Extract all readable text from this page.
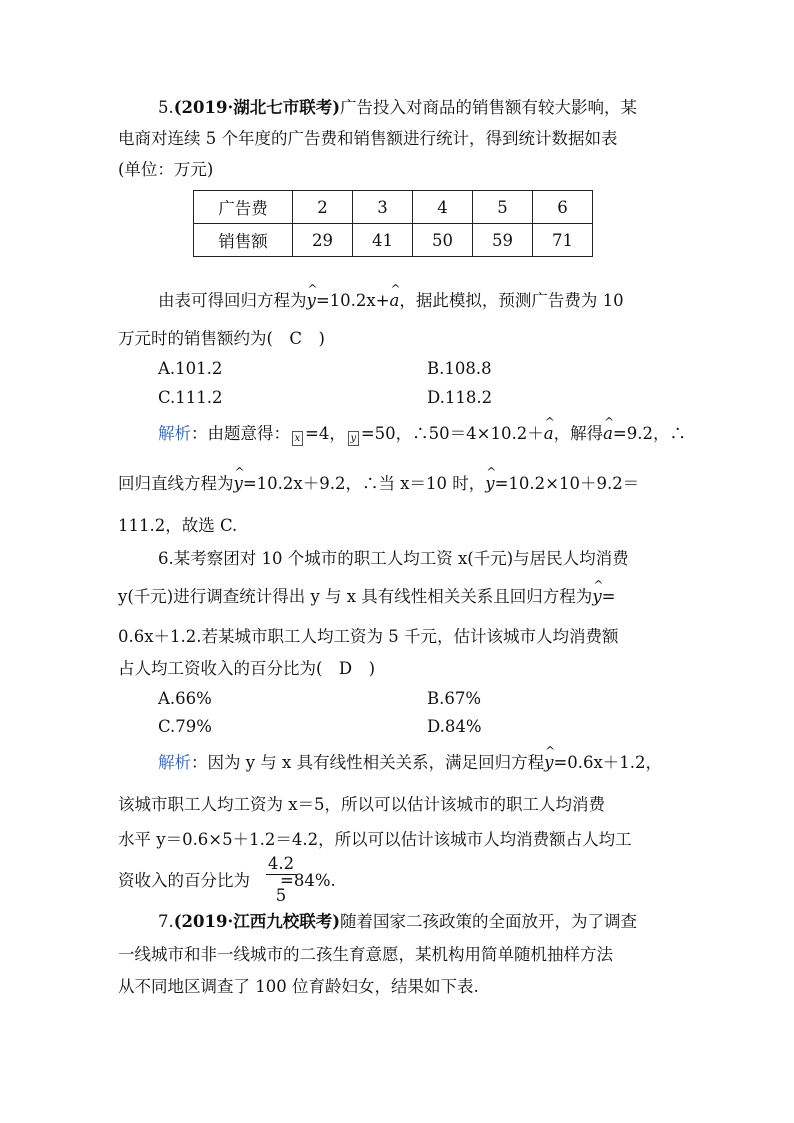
5.(2019·湖北七市联考)广告投入对商品的销售额有较大影响，某
电商对连续 5 个年度的广告费和销售额进行统计，得到统计数据如表
(单位：万元)
广告费	2	3	4	5	6
销售额	29	41	50	59	71
由表可得回归方程为^ y=10.2x+^ a，据此模拟，预测广告费为 10
万元时的销售额约为(　C　)
A.101.2	B.108.8
C.111.2	D.118.2
解析：由题意得： x =4， y =50，∴50＝4×10.2＋^ a，解得^ a=9.2，∴
回归直线方程为^ y=10.2x＋9.2，∴当 x＝10 时，^ y=10.2×10＋9.2＝
111.2，故选 C.
6.某考察团对 10 个城市的职工人均工资 x(千元)与居民人均消费
y(千元)进行调查统计得出 y 与 x 具有线性相关关系且回归方程为^ y=
0.6x＋1.2.若某城市职工人均工资为 5 千元，估计该城市人均消费额
占人均工资收入的百分比为(　D　)
A.66%	B.67%
C.79%	D.84%
解析：因为 y 与 x 具有线性相关关系，满足回归方程^ y=0.6x＋1.2，
该城市职工人均工资为 x＝5，所以可以估计该城市的职工人均消费
水平 y＝0.6×5＋1.2＝4.2，所以可以估计该城市人均消费额占人均工
资收入的百分比为 =84%.
4.2
5
7.(2019·江西九校联考)随着国家二孩政策的全面放开，为了调查
一线城市和非一线城市的二孩生育意愿，某机构用简单随机抽样方法
从不同地区调查了 100 位育龄妇女，结果如下表.
